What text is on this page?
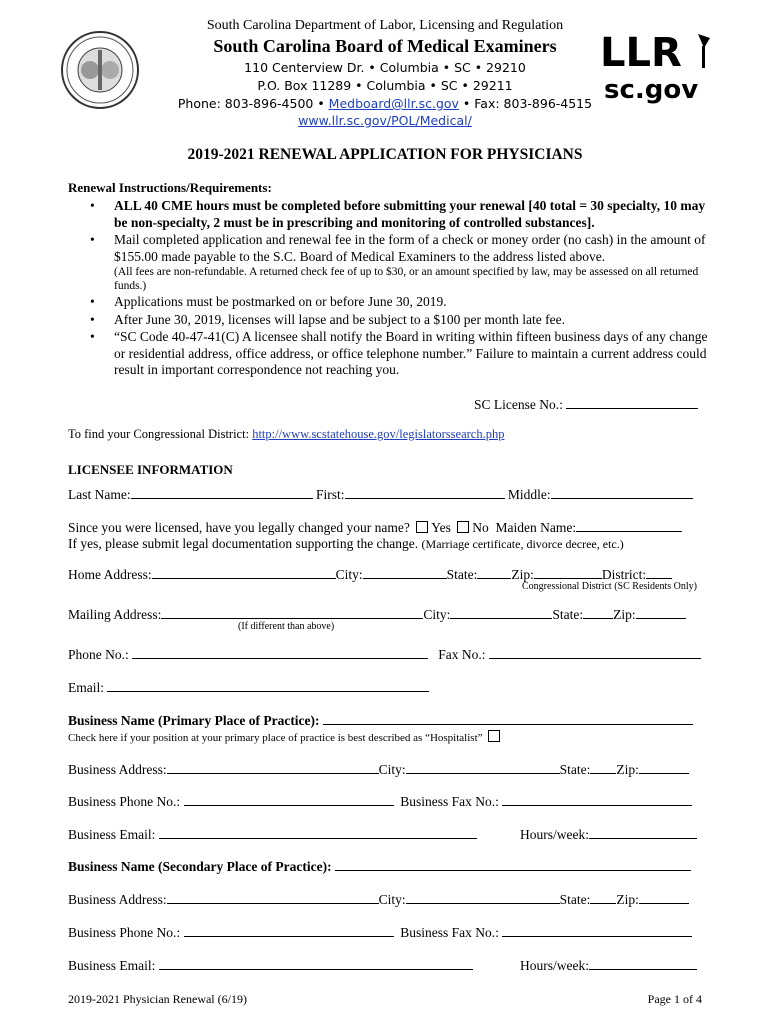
LLR
sc.gov
South Carolina Department of Labor, Licensing and Regulation
South Carolina Board of Medical Examiners
110 Centerview Dr. • Columbia • SC • 29210
P.O. Box 11289 • Columbia • SC • 29211
Phone: 803-896-4500 • Medboard@llr.sc.gov • Fax: 803-896-4515
www.llr.sc.gov/POL/Medical/
2019-2021 RENEWAL APPLICATION FOR PHYSICIANS
Renewal Instructions/Requirements:
• ALL 40 CME hours must be completed before submitting your renewal [40 total = 30 specialty, 10 may be non-specialty, 2 must be in prescribing and monitoring of controlled substances].
• Mail completed application and renewal fee in the form of a check or money order (no cash) in the amount of $155.00 made payable to the S.C. Board of Medical Examiners to the address listed above.
(All fees are non-refundable. A returned check fee of up to $30, or an amount specified by law, may be assessed on all returned funds.)
• Applications must be postmarked on or before June 30, 2019.
• After June 30, 2019, licenses will lapse and be subject to a $100 per month late fee.
• “SC Code 40-47-41(C) A licensee shall notify the Board in writing within fifteen business days of any change or residential address, office address, or office telephone number.” Failure to maintain a current address could result in important correspondence not reaching you.
SC License No.:
To find your Congressional District: http://www.scstatehouse.gov/legislatorssearch.php
LICENSEE INFORMATION
Last Name:	First:	Middle:
Since you were licensed, have you legally changed your name? Yes No Maiden Name:
If yes, please submit legal documentation supporting the change. (Marriage certificate, divorce decree, etc.)
Home Address:	City:	State:	Zip:	District:
Congressional District (SC Residents Only)
Mailing Address:	City:	State: Zip:
(If different than above)
Phone No.:	Fax No.:
Email:
Business Name (Primary Place of Practice):
Check here if your position at your primary place of practice is best described as “Hospitalist”
Business Address:	City:	State: Zip:
Business Phone No.:	Business Fax No.:
Business Email:	Hours/week:
Business Name (Secondary Place of Practice):
Business Address:	City:	State: Zip:
Business Phone No.:	Business Fax No.:
Business Email:	Hours/week:
2019-2021 Physician Renewal (6/19)	Page 1 of 4
